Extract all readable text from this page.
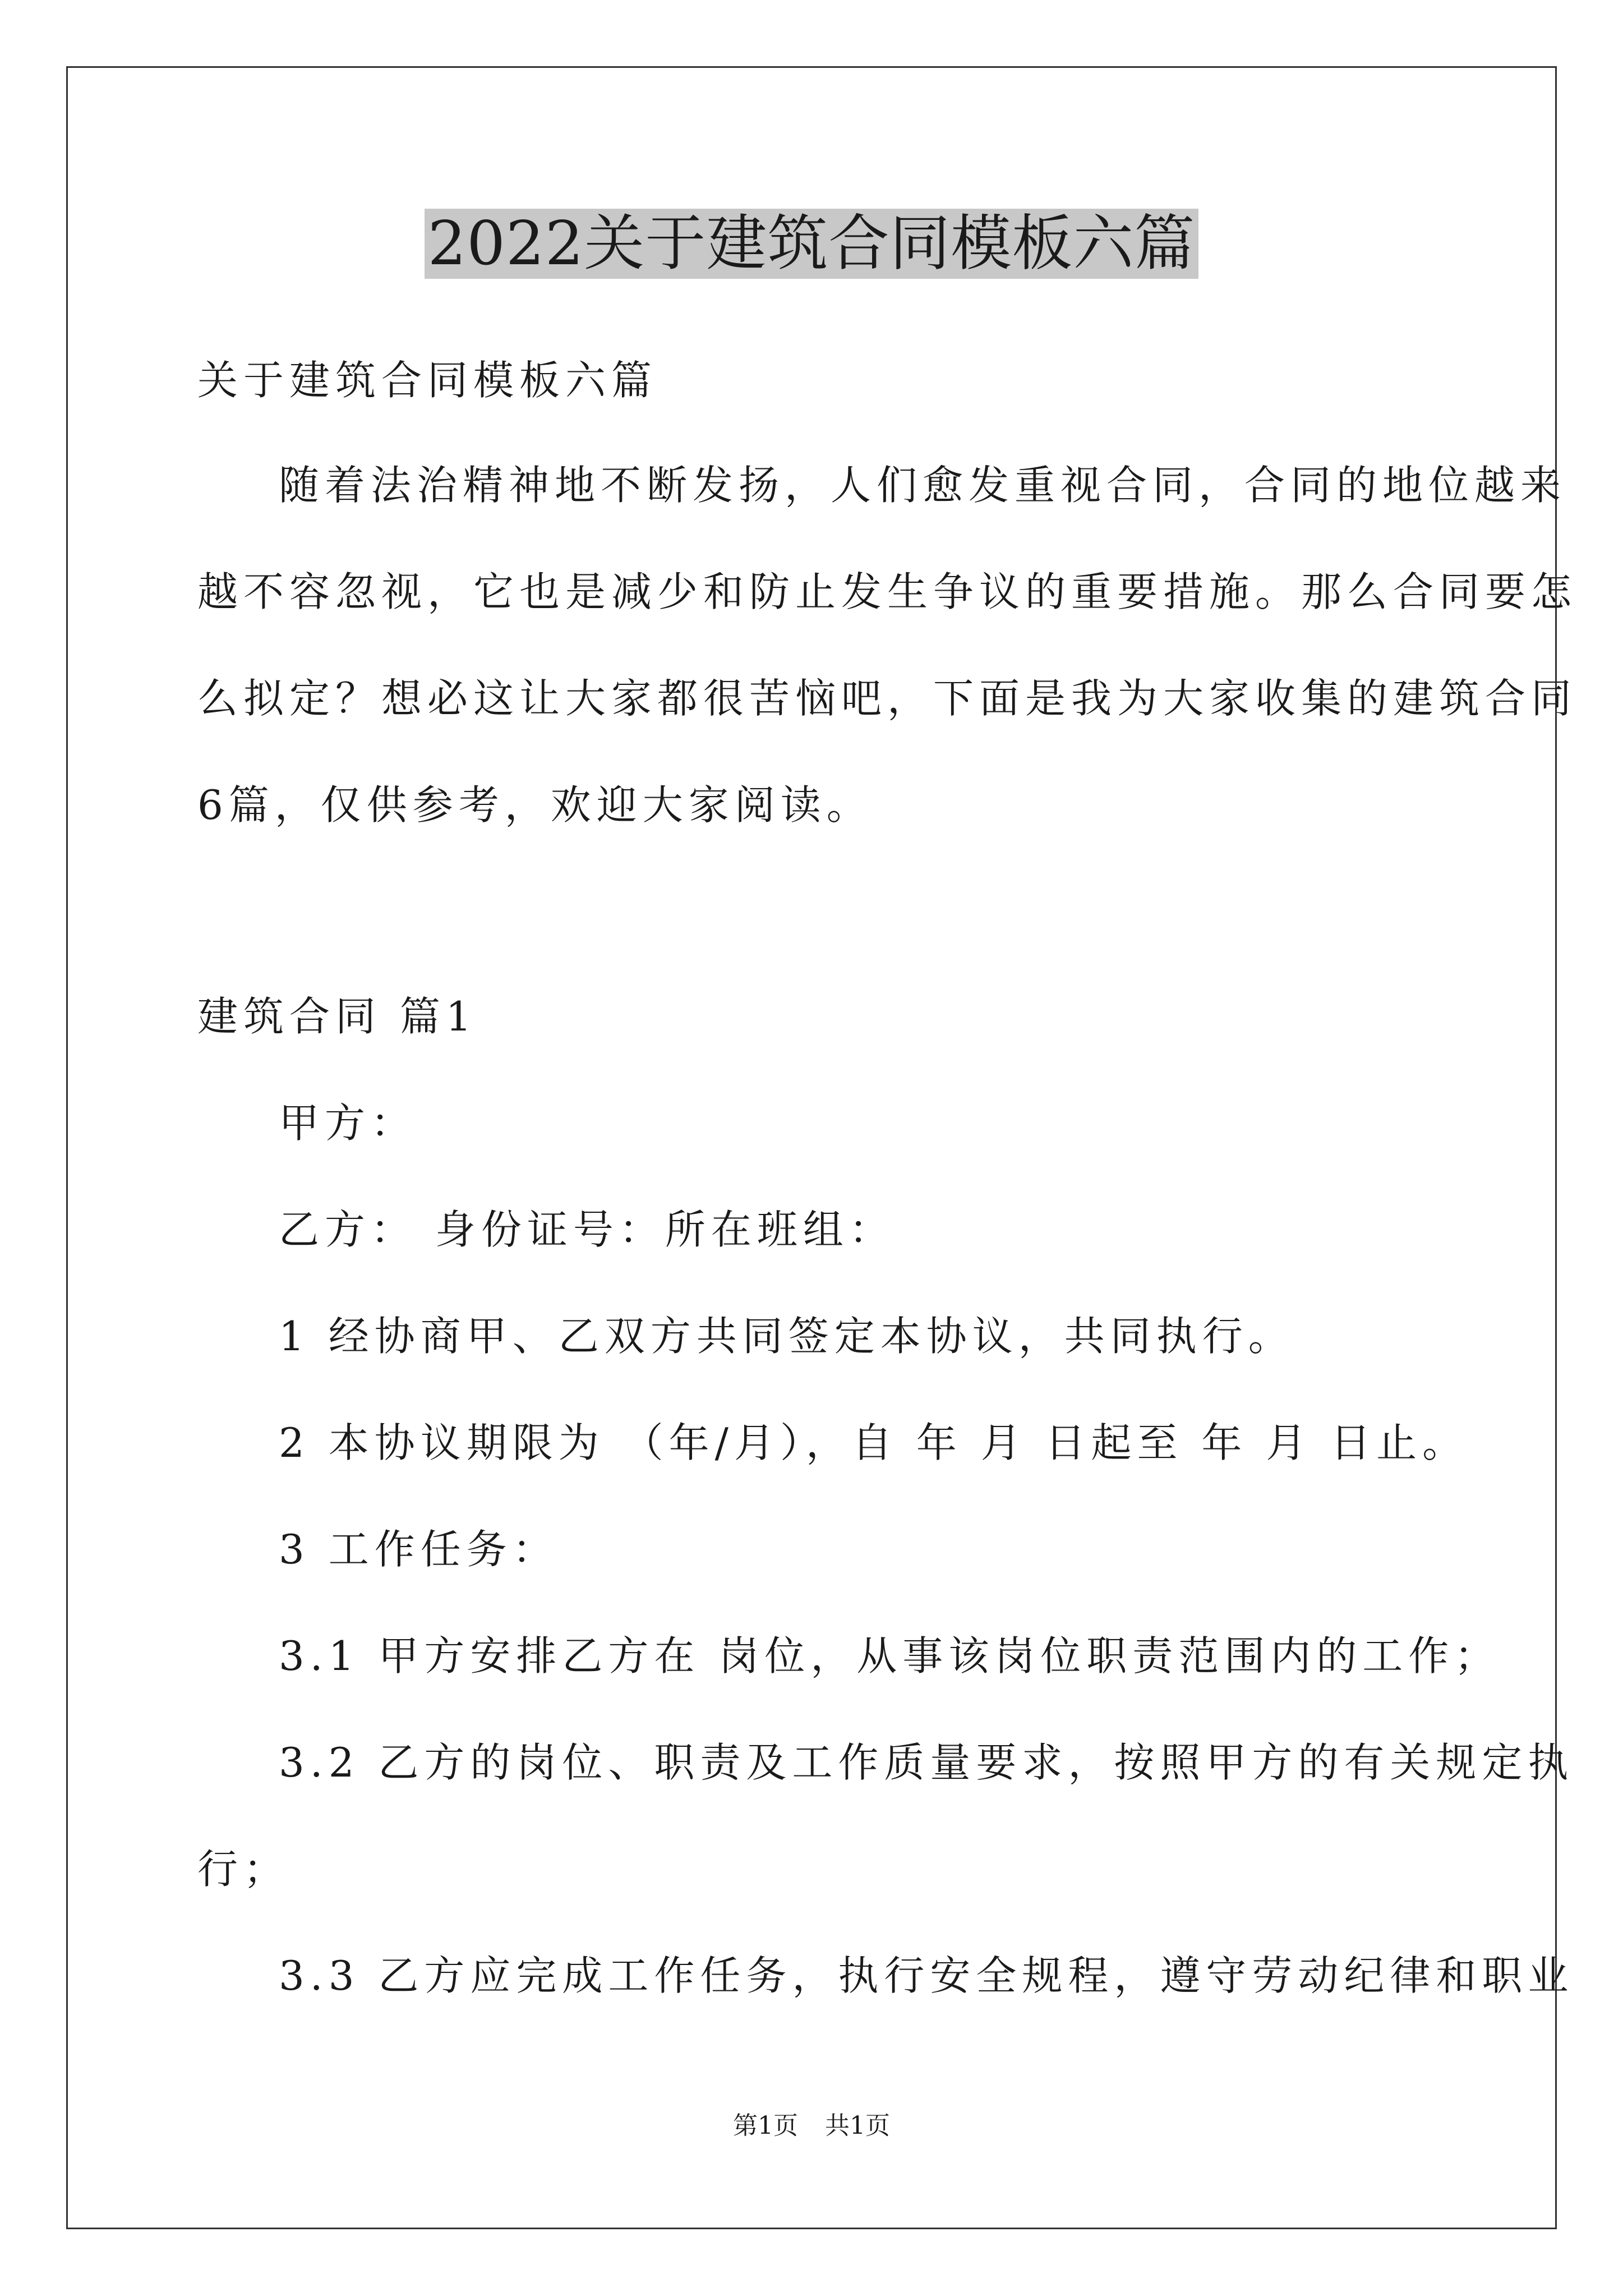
2022关于建筑合同模板六篇
关于建筑合同模板六篇
随着法治精神地不断发扬，人们愈发重视合同，合同的地位越来
越不容忽视，它也是减少和防止发生争议的重要措施。那么合同要怎
么拟定？想必这让大家都很苦恼吧，下面是我为大家收集的建筑合同
6篇，仅供参考，欢迎大家阅读。
建筑合同 篇1
甲方：
乙方： 身份证号：所在班组：
1 经协商甲、乙双方共同签定本协议，共同执行。
2 本协议期限为 （年/月），自 年 月 日起至 年 月 日止。
3 工作任务：
3.1 甲方安排乙方在 岗位，从事该岗位职责范围内的工作；
3.2 乙方的岗位、职责及工作质量要求，按照甲方的有关规定执
行；
3.3 乙方应完成工作任务，执行安全规程，遵守劳动纪律和职业
第1页 共1页
